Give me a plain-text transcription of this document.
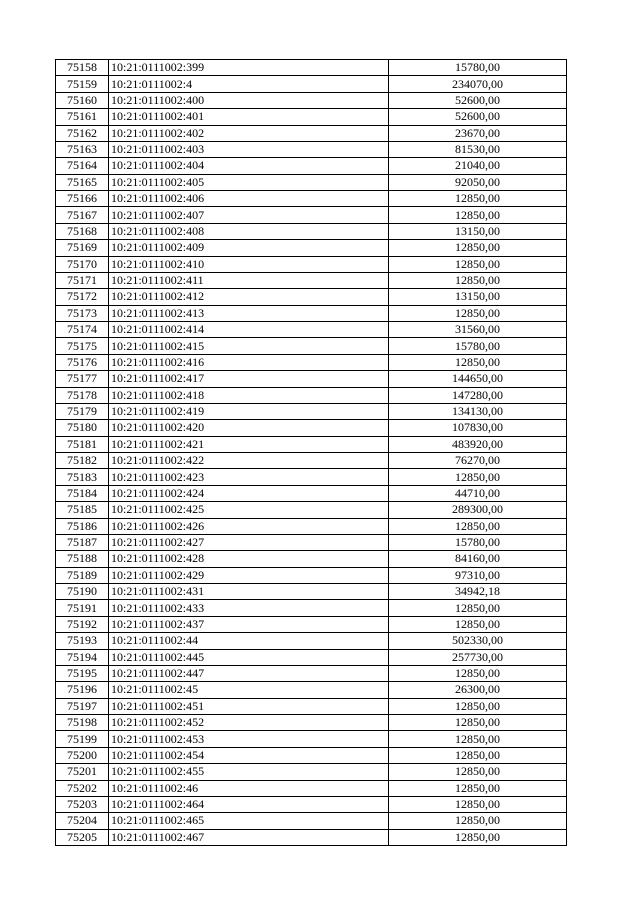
75158	10:21:0111002:399	15780,00
75159	10:21:0111002:4	234070,00
75160	10:21:0111002:400	52600,00
75161	10:21:0111002:401	52600,00
75162	10:21:0111002:402	23670,00
75163	10:21:0111002:403	81530,00
75164	10:21:0111002:404	21040,00
75165	10:21:0111002:405	92050,00
75166	10:21:0111002:406	12850,00
75167	10:21:0111002:407	12850,00
75168	10:21:0111002:408	13150,00
75169	10:21:0111002:409	12850,00
75170	10:21:0111002:410	12850,00
75171	10:21:0111002:411	12850,00
75172	10:21:0111002:412	13150,00
75173	10:21:0111002:413	12850,00
75174	10:21:0111002:414	31560,00
75175	10:21:0111002:415	15780,00
75176	10:21:0111002:416	12850,00
75177	10:21:0111002:417	144650,00
75178	10:21:0111002:418	147280,00
75179	10:21:0111002:419	134130,00
75180	10:21:0111002:420	107830,00
75181	10:21:0111002:421	483920,00
75182	10:21:0111002:422	76270,00
75183	10:21:0111002:423	12850,00
75184	10:21:0111002:424	44710,00
75185	10:21:0111002:425	289300,00
75186	10:21:0111002:426	12850,00
75187	10:21:0111002:427	15780,00
75188	10:21:0111002:428	84160,00
75189	10:21:0111002:429	97310,00
75190	10:21:0111002:431	34942,18
75191	10:21:0111002:433	12850,00
75192	10:21:0111002:437	12850,00
75193	10:21:0111002:44	502330,00
75194	10:21:0111002:445	257730,00
75195	10:21:0111002:447	12850,00
75196	10:21:0111002:45	26300,00
75197	10:21:0111002:451	12850,00
75198	10:21:0111002:452	12850,00
75199	10:21:0111002:453	12850,00
75200	10:21:0111002:454	12850,00
75201	10:21:0111002:455	12850,00
75202	10:21:0111002:46	12850,00
75203	10:21:0111002:464	12850,00
75204	10:21:0111002:465	12850,00
75205	10:21:0111002:467	12850,00
